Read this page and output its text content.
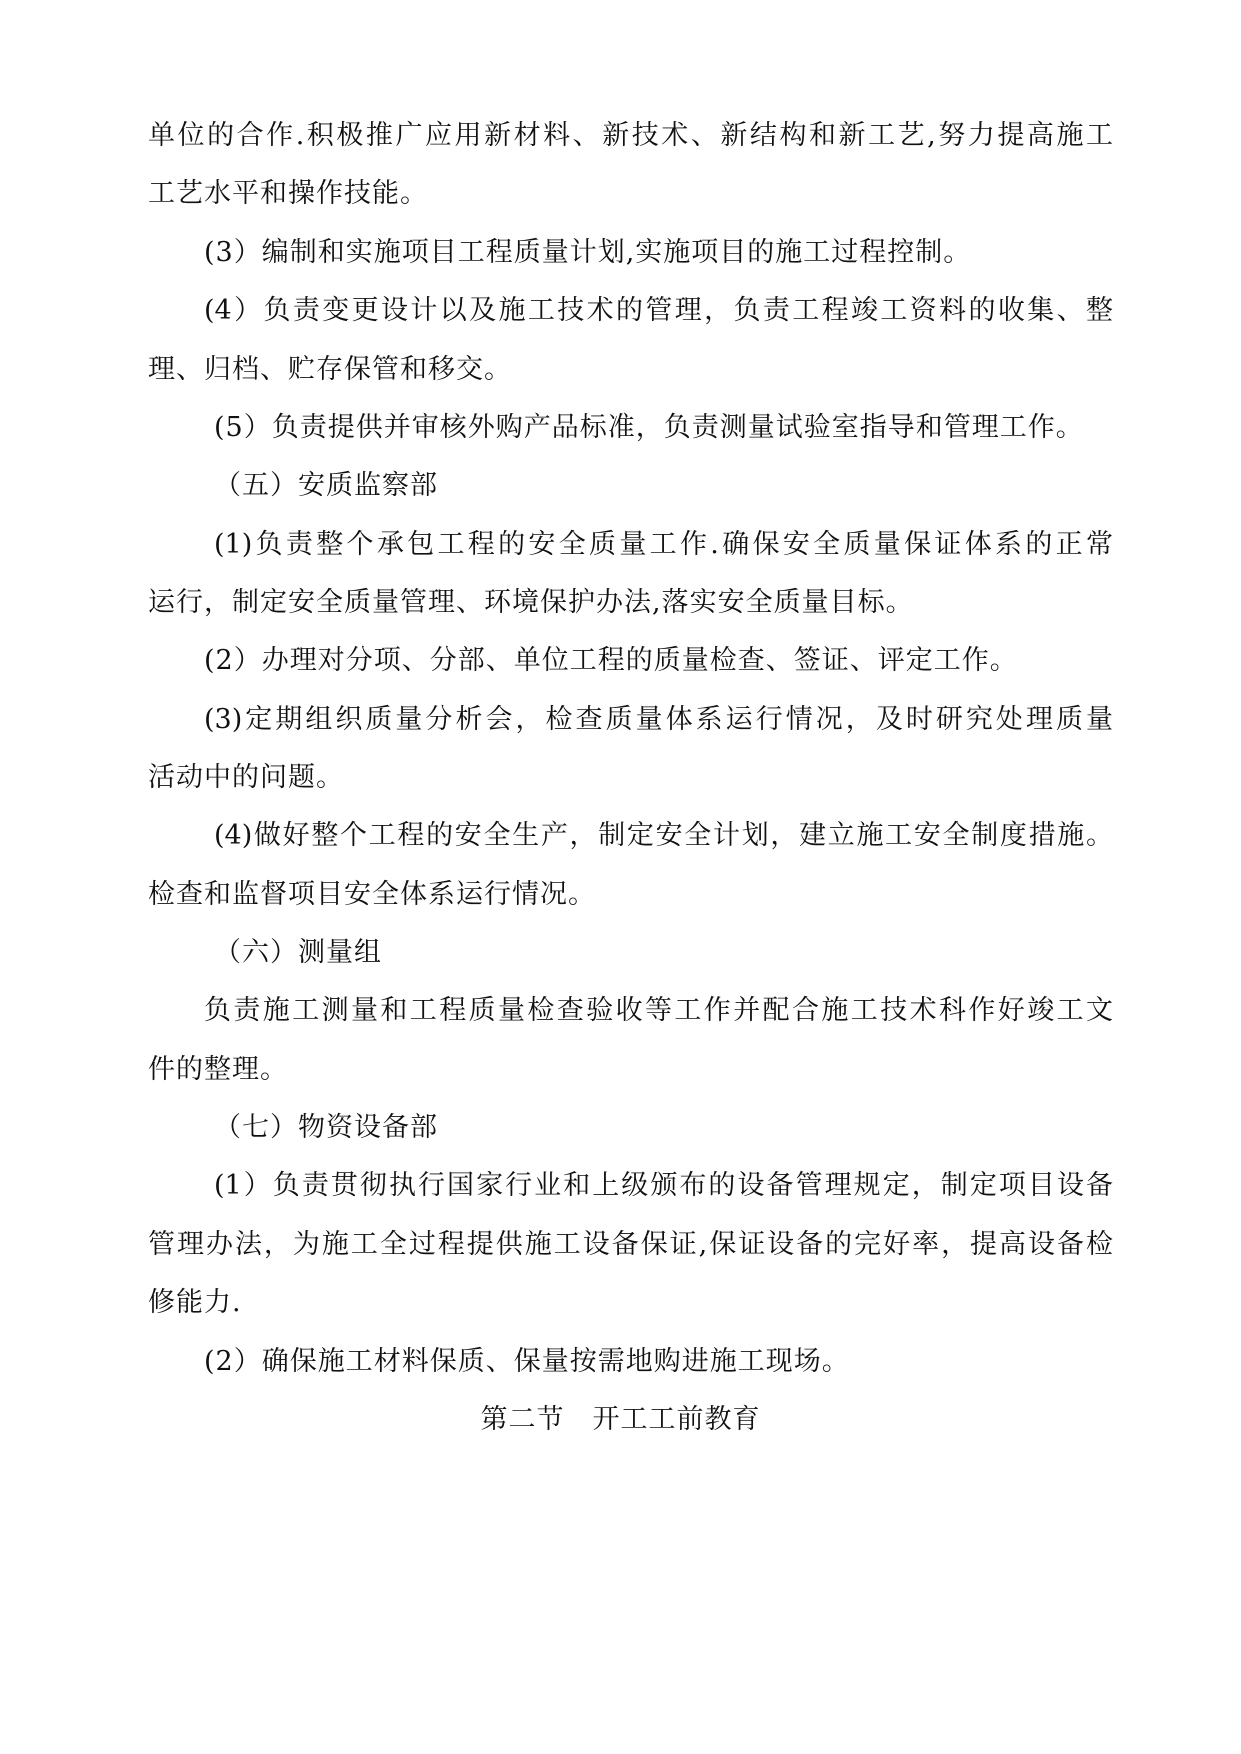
单位的合作.积极推广应用新材料、新技术、新结构和新工艺,努力提高施工
工艺水平和操作技能。
(3）编制和实施项目工程质量计划,实施项目的施工过程控制。
(4）负责变更设计以及施工技术的管理，负责工程竣工资料的收集、整
理、归档、贮存保管和移交。
(5）负责提供并审核外购产品标准，负责测量试验室指导和管理工作。
（五）安质监察部
(1)负责整个承包工程的安全质量工作.确保安全质量保证体系的正常
运行，制定安全质量管理、环境保护办法,落实安全质量目标。
(2）办理对分项、分部、单位工程的质量检查、签证、评定工作。
(3)定期组织质量分析会，检查质量体系运行情况，及时研究处理质量
活动中的问题。
(4)做好整个工程的安全生产，制定安全计划，建立施工安全制度措施。
检查和监督项目安全体系运行情况。
（六）测量组
负责施工测量和工程质量检查验收等工作并配合施工技术科作好竣工文
件的整理。
（七）物资设备部
(1）负责贯彻执行国家行业和上级颁布的设备管理规定，制定项目设备
管理办法，为施工全过程提供施工设备保证,保证设备的完好率，提高设备检
修能力.
(2）确保施工材料保质、保量按需地购进施工现场。
第二节　开工工前教育
